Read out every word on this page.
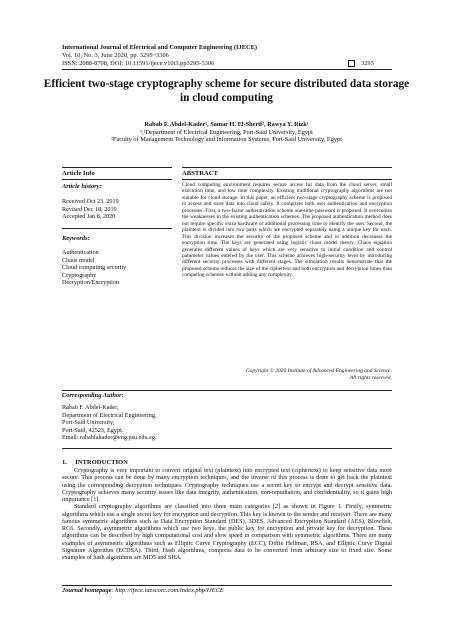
International Journal of Electrical and Computer Engineering (IJECE)
Vol. 10, No. 3, June 2020, pp. 3295~3306
ISSN: 2088-8708, DOI: 10.11591/ijece.v10i3.pp3295-3306	3295
Efficient two-stage cryptography scheme for secure distributed data storage in cloud computing
Rabab F. Abdel-Kader¹, Samar H. El-Sherif², Rawya Y. Rizk¹
¹,²Department of Electrical Engineering, Port-Said University, Egypt
²Faculty of Management Technology and Information Systems, Port-Said University, Egypt
Article Info
Article history:
Received Oct 23, 2019
Revised Dec 18, 2019
Accepted Jan 8, 2020
Keywords:
Authentication
Chaos model
Cloud computing security
Cryptography
Decryption/Encryption
ABSTRACT
Cloud computing environment requires secure access for data from the cloud server, small execution time, and low time complexity. Existing traditional cryptography algorithms are not suitable for cloud storage. In this paper, an efficient two-stage cryptography scheme is proposed to access and store data into cloud safely. It comprises both user authentication and encryption processes. First, a two-factor authentication scheme one-time password is proposed. It overcomes the weaknesses in the existing authentication schemes. The proposed authentication method does not require specific extra hardware or additional processing time to identify the user. Second, the plaintext is divided into two parts which are encrypted separately using a unique key for each. This division increases the security of the proposed scheme and in addition decreases the encryption time. The keys are generated using logistic chaos model theory. Chaos equation generates different values of keys which are very sensitive to initial condition and control parameter values entered by the user. This scheme achieves high-security level by introducing different security processes with different stages. The simulation results demonstrate that the proposed scheme reduces the size of the ciphertext and both encryption and decryption times than competing schemes without adding any complexity.
Copyright © 2020 Institute of Advanced Engineering and Science.
All rights reserved.
Corresponding Author:
Rabab F. Abdel-Kader,
Department of Electrical Engineering,
Port-Said University,
Port-Said, 42523, Egypt.
Email: rababfakader@eng.psu.edu.eg
1.     INTRODUCTION

Cryptography is very important to convert original text (plaintext) into encrypted text (ciphertext) to keep sensitive data more secure. This process can be done by many encryption techniques, and the inverse of this process is done to get back the plaintext using the corresponding decryption techniques. Cryptography techniques use a secret key to encrypt and decrypt sensitive data. Cryptography achieves many security issues like data integrity, authentication, non-repudiation, and confidentiality, so it gains high importance [1].

Standard cryptography algorithms are classified into three main categories [2] as shown in Figure 1. Firstly, symmetric algorithms which use a single secret key for encryption and decryption. This key is known to the sender and receiver. There are many famous symmetric algorithms such as Data Encryption Standard (DES), 3DES, Advanced Encryption Standard (AES), Blowfish, RC6. Secondly, asymmetric algorithms which use two keys, the public key for encryption and private key for decryption. These algorithms can be described by high computational cost and slow speed in comparison with symmetric algorithms. There are many examples of asymmetric algorithms such as Elliptic Curve Cryptography (ECC), Diffie Hellman, RSA, and Elliptic Curve Digital Signature Algorithm (ECDSA). Third, Hash algorithms, compress data to be converted from arbitrary size to fixed size. Some examples of hash algorithms are MD5 and SHA.

Journal homepage: http://ijece.iaescore.com/index.php/IJECE
